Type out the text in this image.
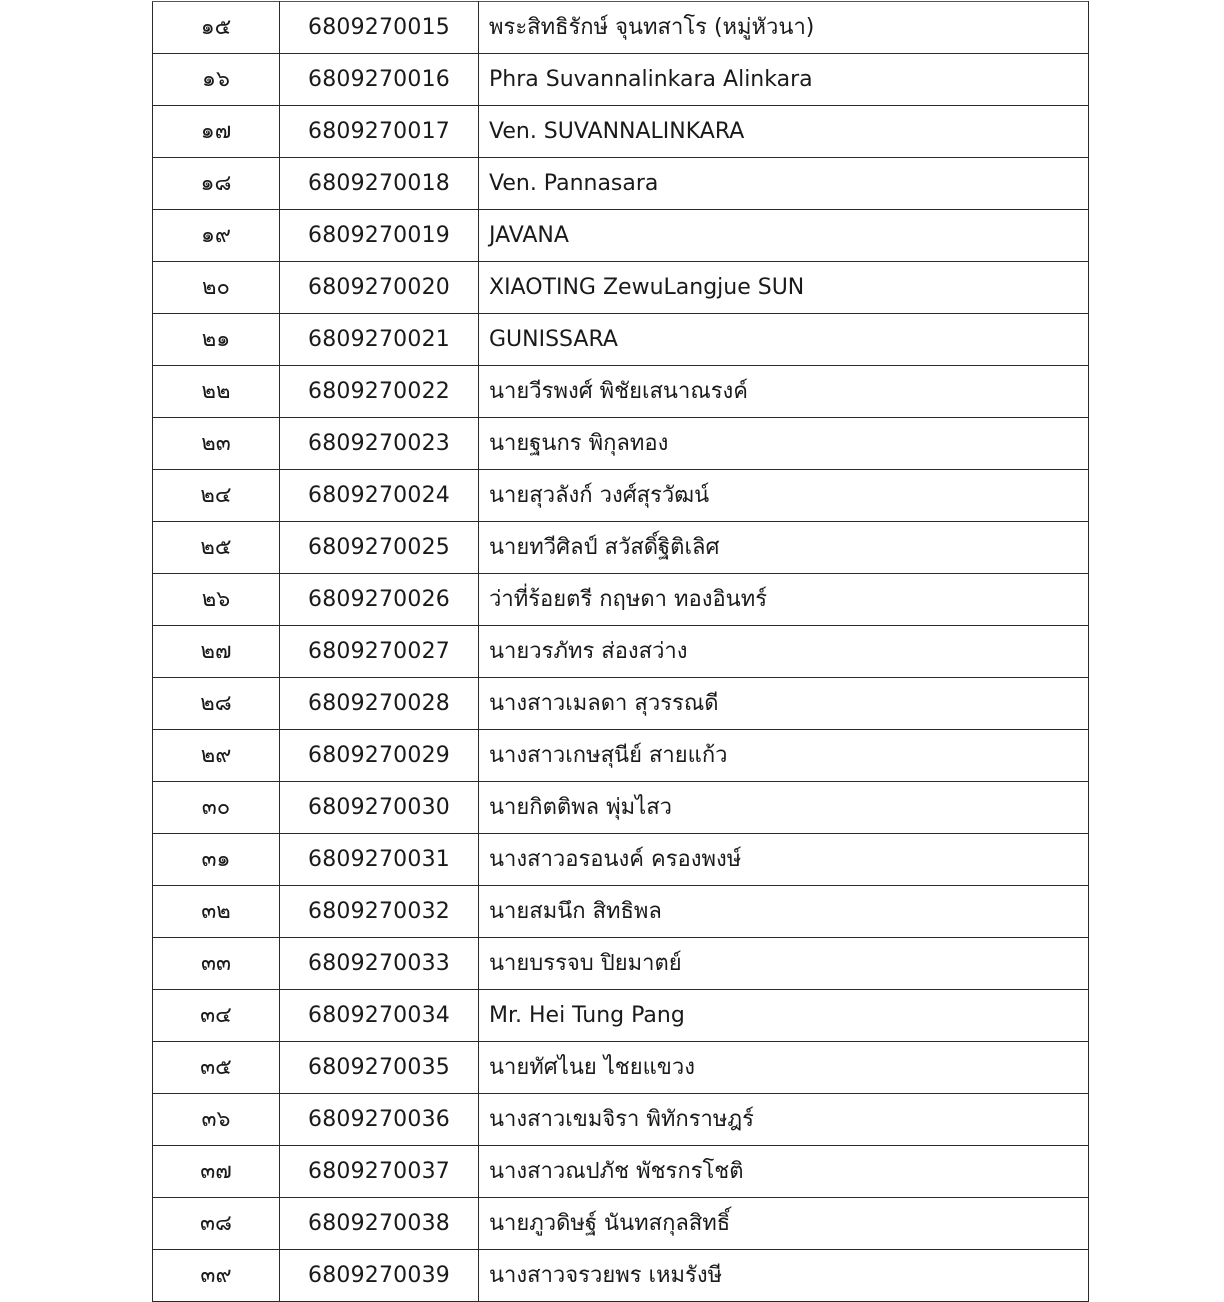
๑๕	6809270015	พระสิทธิรักษ์ จุนทสาโร (หมู่หัวนา)
๑๖	6809270016	Phra Suvannalinkara Alinkara
๑๗	6809270017	Ven. SUVANNALINKARA
๑๘	6809270018	Ven. Pannasara
๑๙	6809270019	JAVANA
๒๐	6809270020	XIAOTING ZewuLangjue SUN
๒๑	6809270021	GUNISSARA
๒๒	6809270022	นายวีรพงศ์ พิชัยเสนาณรงค์
๒๓	6809270023	นายฐนกร พิกุลทอง
๒๔	6809270024	นายสุวลังก์ วงศ์สุรวัฒน์
๒๕	6809270025	นายทวีศิลป์ สวัสดิ์ฐิติเลิศ
๒๖	6809270026	ว่าที่ร้อยตรี กฤษดา ทองอินทร์
๒๗	6809270027	นายวรภัทร ส่องสว่าง
๒๘	6809270028	นางสาวเมลดา สุวรรณดี
๒๙	6809270029	นางสาวเกษสุนีย์ สายแก้ว
๓๐	6809270030	นายกิตติพล พุ่มไสว
๓๑	6809270031	นางสาวอรอนงค์ ครองพงษ์
๓๒	6809270032	นายสมนึก สิทธิพล
๓๓	6809270033	นายบรรจบ ปิยมาตย์
๓๔	6809270034	Mr. Hei Tung Pang
๓๕	6809270035	นายทัศไนย ไชยแขวง
๓๖	6809270036	นางสาวเขมจิรา พิทักราษฎร์
๓๗	6809270037	นางสาวณปภัช พัชรกรโชติ
๓๘	6809270038	นายภูวดิษฐ์ นันทสกุลสิทธิ์
๓๙	6809270039	นางสาวจรวยพร เหมรังษี
